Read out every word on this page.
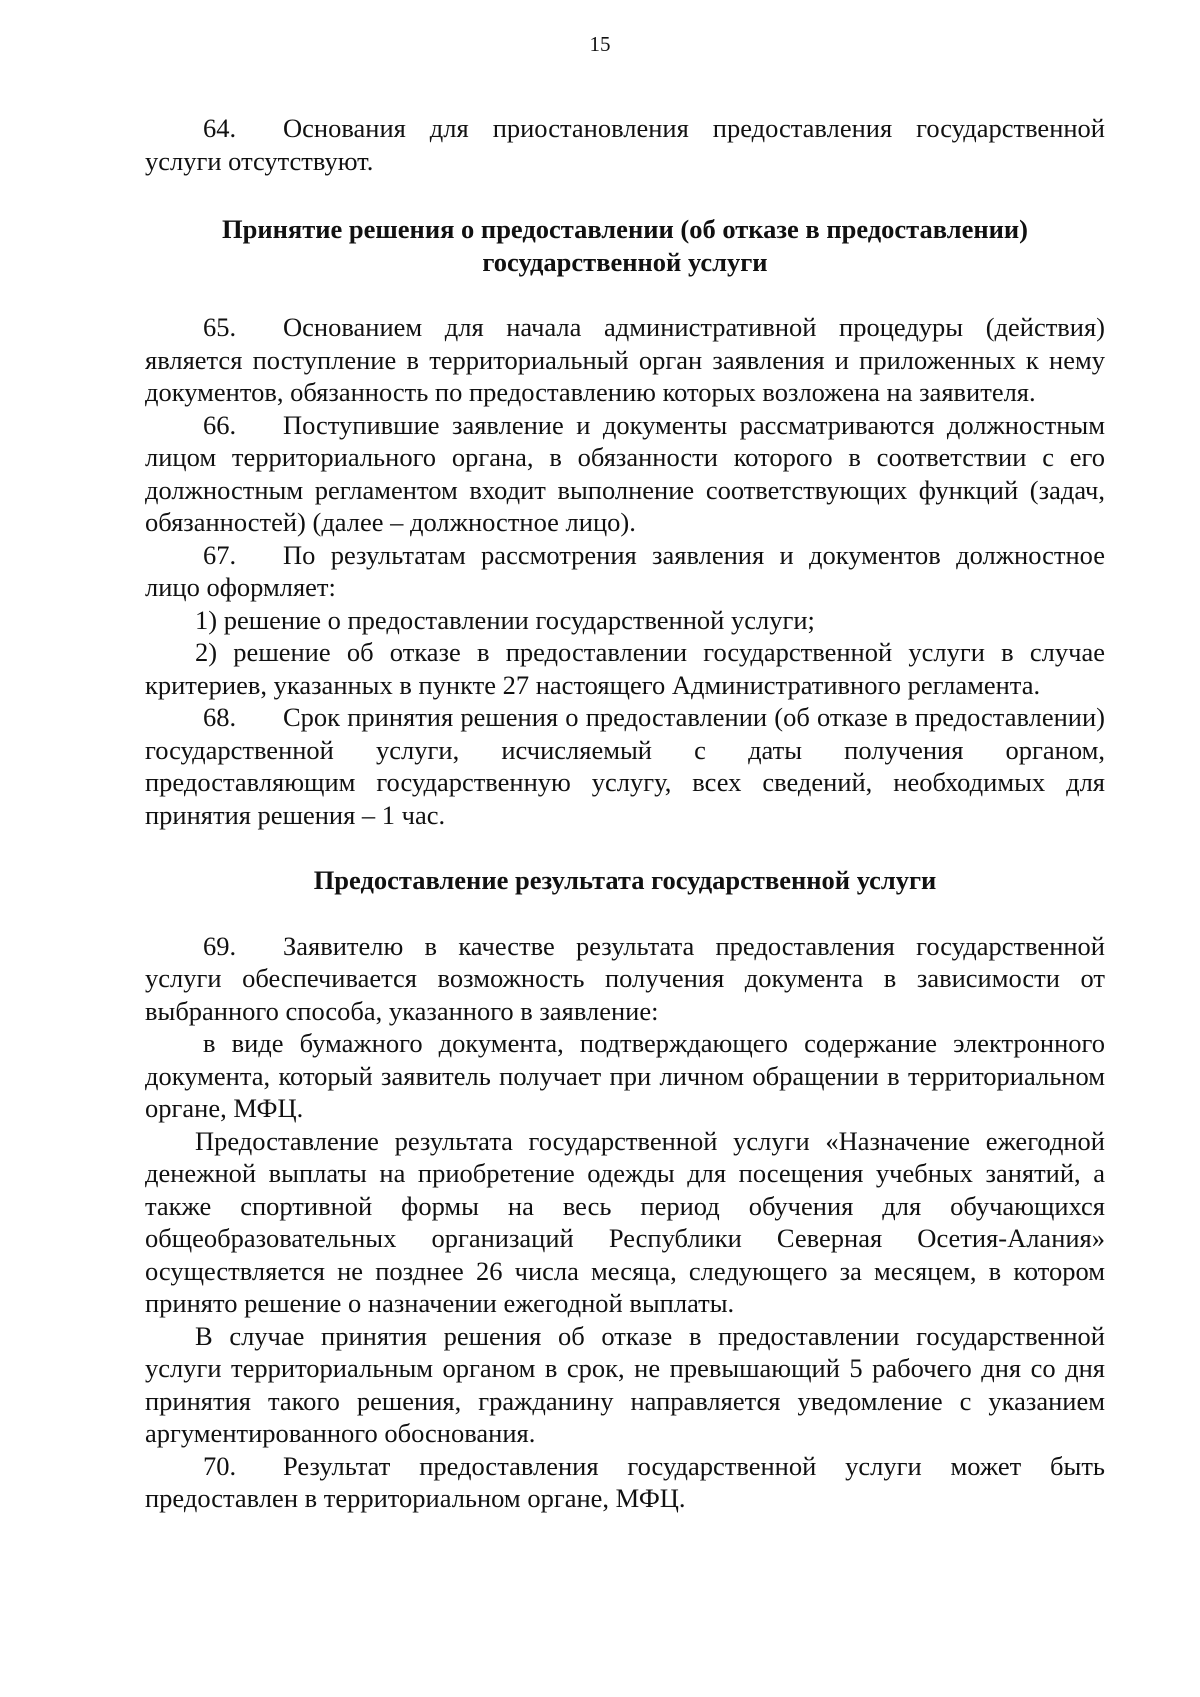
15

64. Основания для приостановления предоставления государственной услуги отсутствуют.

Принятие решения о предоставлении (об отказе в предоставлении)
государственной услуги

65. Основанием для начала административной процедуры (действия) является поступление в территориальный орган заявления и приложенных к нему документов, обязанность по предоставлению которых возложена на заявителя.

66. Поступившие заявление и документы рассматриваются должностным лицом территориального органа, в обязанности которого в соответствии с его должностным регламентом входит выполнение соответствующих функций (задач, обязанностей) (далее – должностное лицо).

67. По результатам рассмотрения заявления и документов должностное лицо оформляет:

1) решение о предоставлении государственной услуги;

2) решение об отказе в предоставлении государственной услуги в случае критериев, указанных в пункте 27 настоящего Административного регламента.

68. Срок принятия решения о предоставлении (об отказе в предоставлении) государственной услуги, исчисляемый с даты получения органом, предоставляющим государственную услугу, всех сведений, необходимых для принятия решения – 1 час.

Предоставление результата государственной услуги

69. Заявителю в качестве результата предоставления государственной услуги обеспечивается возможность получения документа в зависимости от выбранного способа, указанного в заявление:

в виде бумажного документа, подтверждающего содержание электронного документа, который заявитель получает при личном обращении в территориальном органе, МФЦ.

Предоставление результата государственной услуги «Назначение ежегодной денежной выплаты на приобретение одежды для посещения учебных занятий, а также спортивной формы на весь период обучения для обучающихся общеобразовательных организаций Республики Северная Осетия-Алания» осуществляется не позднее 26 числа месяца, следующего за месяцем, в котором принято решение о назначении ежегодной выплаты.

В случае принятия решения об отказе в предоставлении государственной услуги территориальным органом в срок, не превышающий 5 рабочего дня со дня принятия такого решения, гражданину направляется уведомление с указанием аргументированного обоснования.

70. Результат предоставления государственной услуги может быть предоставлен в территориальном органе, МФЦ.
